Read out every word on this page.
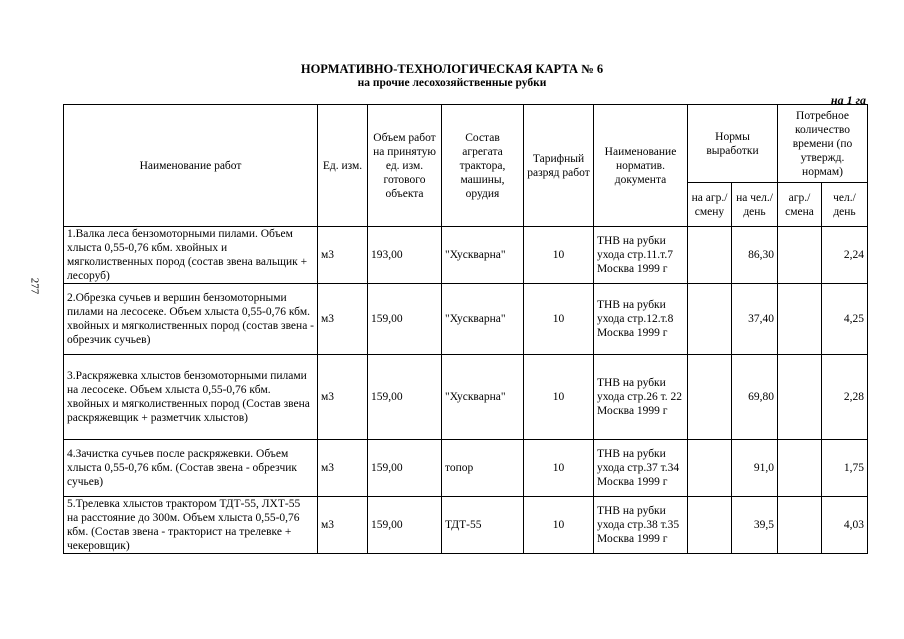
277
НОРМАТИВНО-ТЕХНОЛОГИЧЕСКАЯ КАРТА № 6
на прочие лесохозяйственные рубки
на 1 га
Наименование работ	Ед. изм.	Объем работ на принятую ед. изм. готового объекта	Состав агрегата трактора, машины, орудия	Тарифный разряд работ	Наименование норматив. документа	Нормы выработки		Потребное количество времени (по утвержд. нормам)	
						на агр./ смену	на чел./ день	агр./ смена	чел./ день
1.Валка леса бензомоторными пилами. Объем хлыста 0,55-0,76 кбм. хвойных и мягколиственных пород (состав звена вальщик + лесоруб)	м3	193,00	"Хускварна"	10	ТНВ на рубки ухода стр.11.т.7 Москва 1999 г		86,30		2,24
2.Обрезка сучьев и вершин бензомоторными пилами на лесосеке. Объем хлыста 0,55-0,76 кбм. хвойных и мягколиственных пород (состав звена - обрезчик сучьев)	м3	159,00	"Хускварна"	10	ТНВ на рубки ухода стр.12.т.8 Москва 1999 г		37,40		4,25
3.Раскряжевка хлыстов бензомоторными пилами на лесосеке. Объем хлыста 0,55-0,76 кбм. хвойных и мягколиственных пород (Состав звена раскряжевщик + разметчик хлыстов)	м3	159,00	"Хускварна"	10	ТНВ на рубки ухода стр.26 т. 22 Москва 1999 г		69,80		2,28
4.Зачистка сучьев после раскряжевки. Объем хлыста 0,55-0,76 кбм. (Состав звена - обрезчик сучьев)	м3	159,00	топор	10	ТНВ на рубки ухода стр.37 т.34 Москва 1999 г		91,0		1,75
5.Трелевка хлыстов трактором ТДТ-55, ЛХТ-55 на расстояние до 300м. Объем хлыста 0,55-0,76 кбм. (Состав звена - тракторист на трелевке + чекеровщик)	м3	159,00	ТДТ-55	10	ТНВ на рубки ухода стр.38 т.35 Москва 1999 г		39,5		4,03
